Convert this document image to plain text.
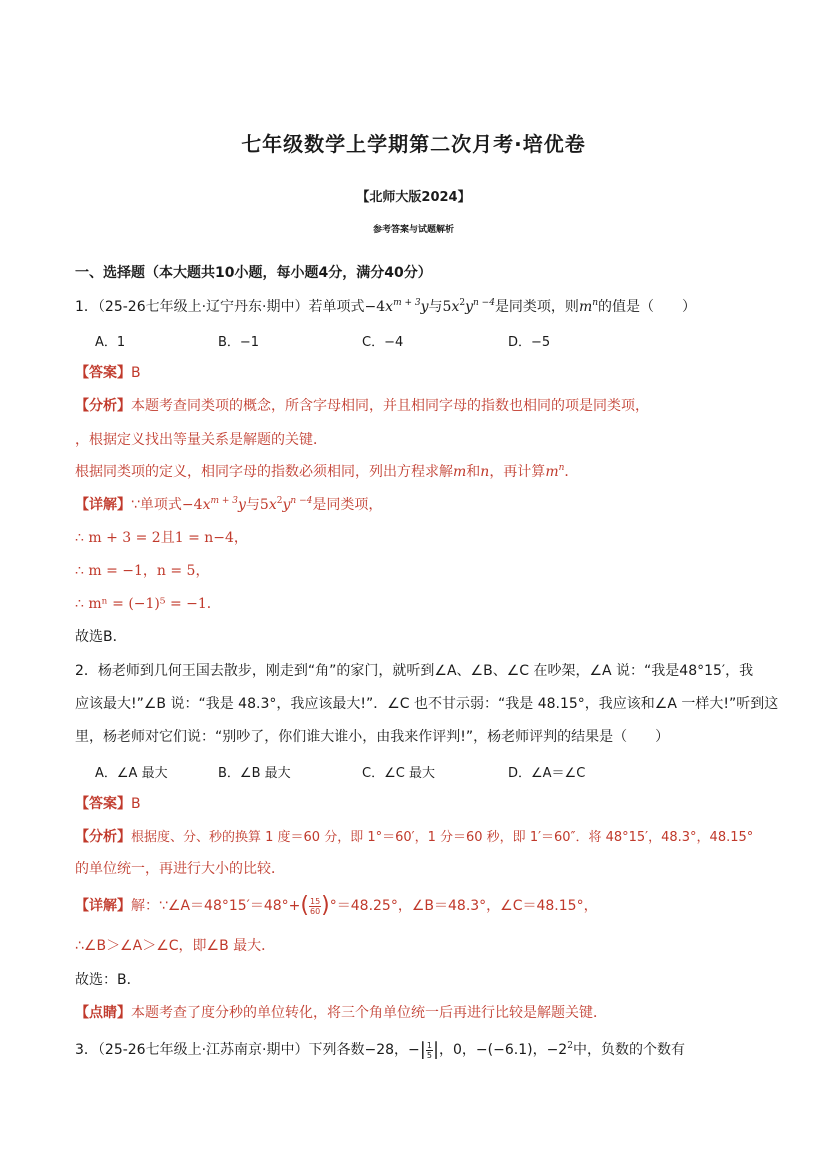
七年级数学上学期第二次月考·培优卷
【北师大版2024】
参考答案与试题解析
一、选择题（本大题共10小题，每小题4分，满分40分）
1．（25-26七年级上·辽宁丹东·期中）若单项式$-4x^{m + 3}y$与$5x^2y^{n -4}$是同类项，则$m^n$的值是（　　）
A．1	B．−1	C．−4	D．−5
【答案】B
【分析】本题考查同类项的概念，所含字母相同，并且相同字母的指数也相同的项是同类项，
，根据定义找出等量关系是解题的关键．
根据同类项的定义，相同字母的指数必须相同，列出方程求解m和n，再计算$m^n$．
【详解】∵单项式$-4x^{m + 3}y$与$5x^2y^{n -4}$是同类项，
∴ m + 3 = 2且1 = n−4，
∴ m = −1，n = 5，
∴ mⁿ = (−1)⁵ = −1．
故选B．
2．杨老师到几何王国去散步，刚走到“角”的家门，就听到∠A、∠B、∠C 在吵架，∠A 说：“我是48°15′，我
应该最大!”∠B 说：“我是 48.3°，我应该最大!”．∠C 也不甘示弱：“我是 48.15°，我应该和∠A 一样大!”听到这
里，杨老师对它们说：“别吵了，你们谁大谁小，由我来作评判!”，杨老师评判的结果是（　　）
A．∠A 最大	B．∠B 最大	C．∠C 最大	D．∠A＝∠C
【答案】B
【分析】根据度、分、秒的换算 1 度＝60 分，即 1°＝60′，1 分＝60 秒，即 1′＝60″．将 48°15′，48.3°，48.15°
的单位统一，再进行大小的比较．
【详解】解：∵∠A＝48°15′＝48°+( $\frac{15}{60} )^\circ=48.25^\circ$，∠B＝48.3°，∠C＝48.15°，
∴∠B＞∠A＞∠C，即∠B 最大．
故选：B．
【点睛】本题考查了度分秒的单位转化，将三个角单位统一后再进行比较是解题关键．
3．（25-26七年级上·江苏南京·期中）下列各数−28，−| $\frac{1}{5}$ |，0，−(−6.1)，$-2^2$中，负数的个数有
